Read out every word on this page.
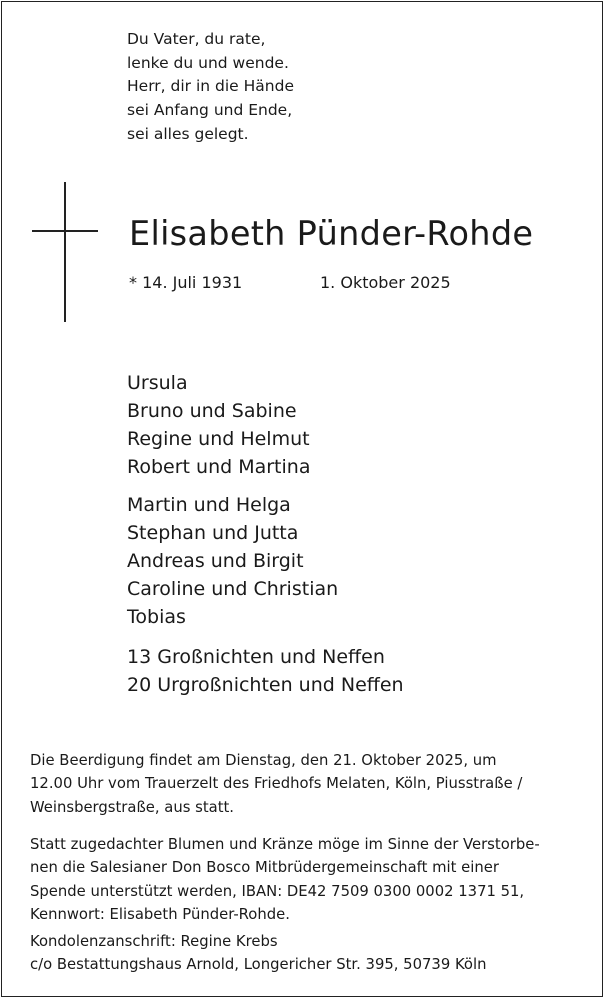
Du Vater, du rate,
lenke du und wende.
Herr, dir in die Hände
sei Anfang und Ende,
sei alles gelegt.
Elisabeth Pünder-Rohde
* 14. Juli 1931	1. Oktober 2025
Ursula
Bruno und Sabine
Regine und Helmut
Robert und Martina
Martin und Helga
Stephan und Jutta
Andreas und Birgit
Caroline und Christian
Tobias
13 Großnichten und Neffen
20 Urgroßnichten und Neffen
Die Beerdigung findet am Dienstag, den 21. Oktober 2025, um
12.00 Uhr vom Trauerzelt des Friedhofs Melaten, Köln, Piusstraße /
Weinsbergstraße, aus statt.
Statt zugedachter Blumen und Kränze möge im Sinne der Verstorbe-
nen die Salesianer Don Bosco Mitbrüdergemeinschaft mit einer
Spende unterstützt werden, IBAN: DE42 7509 0300 0002 1371 51,
Kennwort: Elisabeth Pünder-Rohde.
Kondolenzanschrift: Regine Krebs
c/o Bestattungshaus Arnold, Longericher Str. 395, 50739 Köln
